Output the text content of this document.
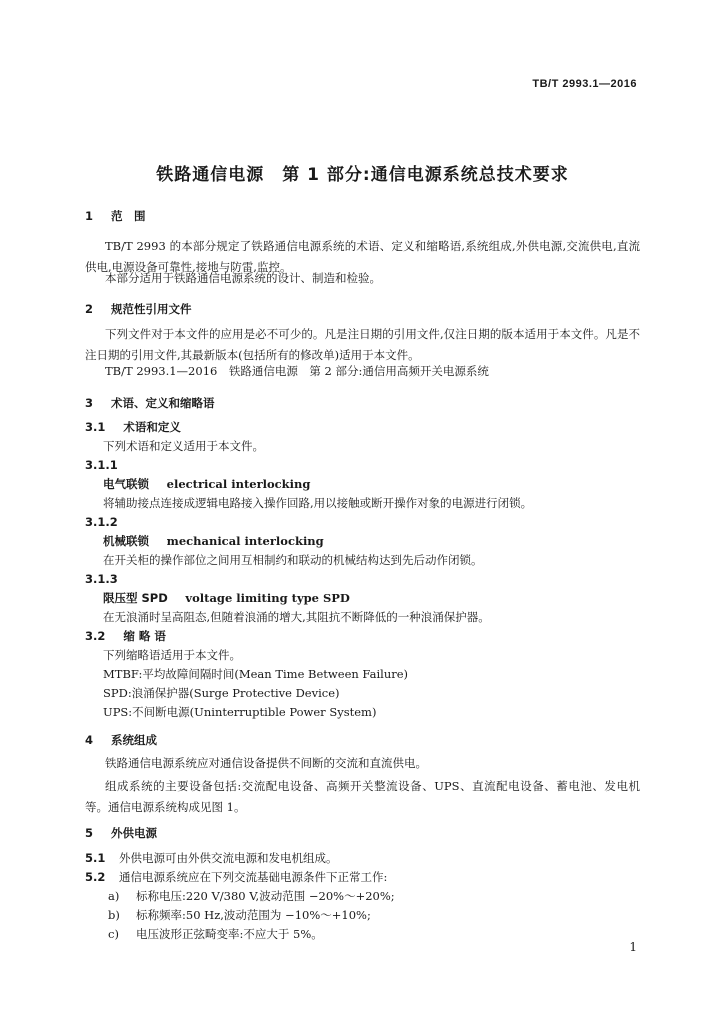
TB/T 2993.1—2016
铁路通信电源　第 1 部分:通信电源系统总技术要求
1 范　围
TB/T 2993 的本部分规定了铁路通信电源系统的术语、定义和缩略语,系统组成,外供电源,交流供电,直流供电,电源设备可靠性,接地与防雷,监控。
本部分适用于铁路通信电源系统的设计、制造和检验。
2 规范性引用文件
下列文件对于本文件的应用是必不可少的。凡是注日期的引用文件,仅注日期的版本适用于本文件。凡是不注日期的引用文件,其最新版本(包括所有的修改单)适用于本文件。
TB/T 2993.1—2016　铁路通信电源　第 2 部分:通信用高频开关电源系统
3 术语、定义和缩略语
3.1 术语和定义
下列术语和定义适用于本文件。
3.1.1
电气联锁 electrical interlocking
将辅助接点连接成逻辑电路接入操作回路,用以接触或断开操作对象的电源进行闭锁。
3.1.2
机械联锁 mechanical interlocking
在开关柜的操作部位之间用互相制约和联动的机械结构达到先后动作闭锁。
3.1.3
限压型 SPD voltage limiting type SPD
在无浪涌时呈高阻态,但随着浪涌的增大,其阻抗不断降低的一种浪涌保护器。
3.2 缩 略 语
下列缩略语适用于本文件。
MTBF:平均故障间隔时间(Mean Time Between Failure)
SPD:浪涌保护器(Surge Protective Device)
UPS:不间断电源(Uninterruptible Power System)
4 系统组成
铁路通信电源系统应对通信设备提供不间断的交流和直流供电。
组成系统的主要设备包括:交流配电设备、高频开关整流设备、UPS、直流配电设备、蓄电池、发电机等。通信电源系统构成见图 1。
5 外供电源
5.1 外供电源可由外供交流电源和发电机组成。
5.2 通信电源系统应在下列交流基础电源条件下正常工作:
a) 标称电压:220 V/380 V,波动范围 −20%～+20%;
b) 标称频率:50 Hz,波动范围为 −10%～+10%;
c) 电压波形正弦畸变率:不应大于 5%。
1
